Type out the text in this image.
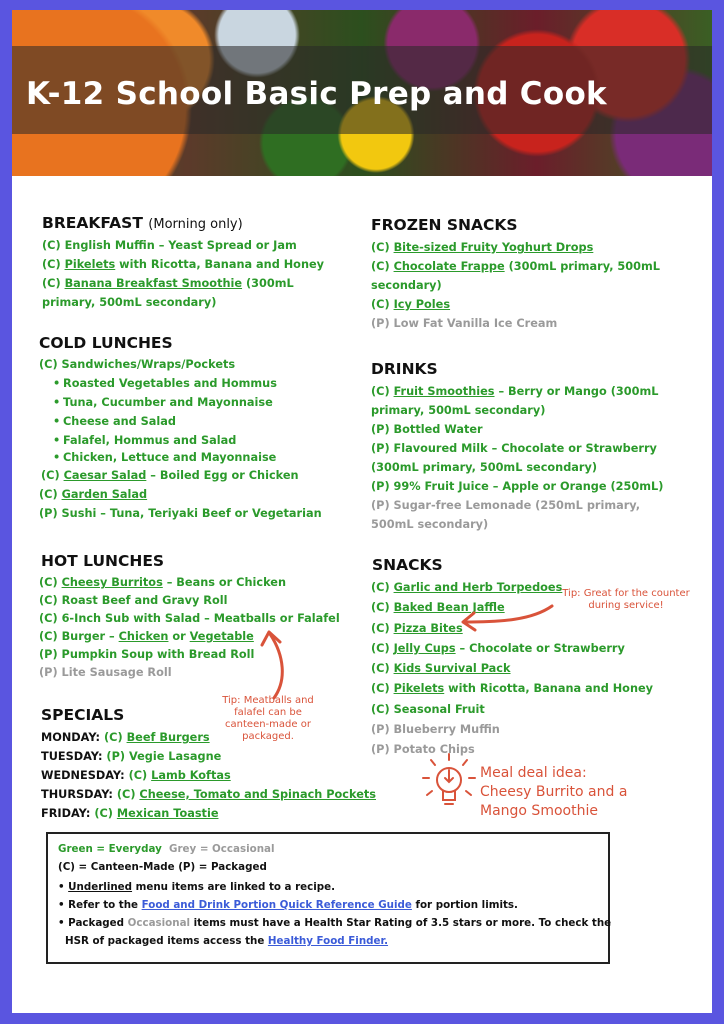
K-12 School Basic Prep and Cook
BREAKFAST (Morning only)
(C) English Muffin – Yeast Spread or Jam
(C) Pikelets with Ricotta, Banana and Honey
(C) Banana Breakfast Smoothie (300mL primary, 500mL secondary)
COLD LUNCHES
(C) Sandwiches/Wraps/Pockets
• Roasted Vegetables and Hommus
• Tuna, Cucumber and Mayonnaise
• Cheese and Salad
• Falafel, Hommus and Salad
• Chicken, Lettuce and Mayonnaise
(C) Caesar Salad – Boiled Egg or Chicken
(C) Garden Salad
(P) Sushi – Tuna, Teriyaki Beef or Vegetarian
HOT LUNCHES
(C) Cheesy Burritos – Beans or Chicken
(C) Roast Beef and Gravy Roll
(C) 6-Inch Sub with Salad – Meatballs or Falafel
(C) Burger – Chicken or Vegetable
(P) Pumpkin Soup with Bread Roll
(P) Lite Sausage Roll
SPECIALS
MONDAY: (C) Beef Burgers
TUESDAY: (P) Vegie Lasagne
WEDNESDAY: (C) Lamb Koftas
THURSDAY: (C) Cheese, Tomato and Spinach Pockets
FRIDAY: (C) Mexican Toastie
FROZEN SNACKS
(C) Bite-sized Fruity Yoghurt Drops
(C) Chocolate Frappe (300mL primary, 500mL secondary)
(C) Icy Poles
(P) Low Fat Vanilla Ice Cream
DRINKS
(C) Fruit Smoothies – Berry or Mango (300mL primary, 500mL secondary)
(P) Bottled Water
(P) Flavoured Milk – Chocolate or Strawberry (300mL primary, 500mL secondary)
(P) 99% Fruit Juice – Apple or Orange (250mL)
(P) Sugar-free Lemonade (250mL primary, 500mL secondary)
SNACKS
(C) Garlic and Herb Torpedoes
(C) Baked Bean Jaffle
(C) Pizza Bites
(C) Jelly Cups – Chocolate or Strawberry
(C) Kids Survival Pack
(C) Pikelets with Ricotta, Banana and Honey
(C) Seasonal Fruit
(P) Blueberry Muffin
(P) Potato Chips
Tip: Great for the counter during service!
Tip: Meatballs and falafel can be canteen-made or packaged.
Meal deal idea: Cheesy Burrito and a Mango Smoothie
Green = Everyday Grey = Occasional
(C) = Canteen-Made (P) = Packaged
• Underlined menu items are linked to a recipe.
• Refer to the Food and Drink Portion Quick Reference Guide for portion limits.
• Packaged Occasional items must have a Health Star Rating of 3.5 stars or more. To check the
HSR of packaged items access the Healthy Food Finder.
